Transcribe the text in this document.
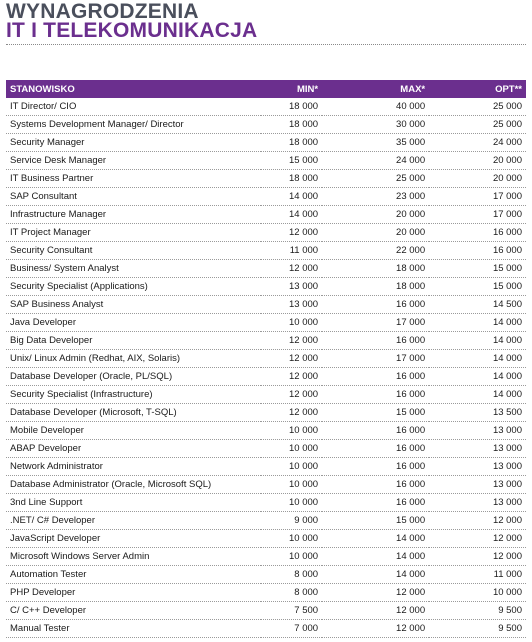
WYNAGRODZENIA
IT I TELEKOMUNIKACJA
STANOWISKO	MIN*	MAX*	OPT**
IT Director/ CIO	18 000	40 000	25 000
Systems Development Manager/ Director	18 000	30 000	25 000
Security Manager	18 000	35 000	24 000
Service Desk Manager	15 000	24 000	20 000
IT Business Partner	18 000	25 000	20 000
SAP Consultant	14 000	23 000	17 000
Infrastructure Manager	14 000	20 000	17 000
IT Project Manager	12 000	20 000	16 000
Security Consultant	11 000	22 000	16 000
Business/ System Analyst	12 000	18 000	15 000
Security Specialist (Applications)	13 000	18 000	15 000
SAP Business Analyst	13 000	16 000	14 500
Java Developer	10 000	17 000	14 000
Big Data Developer	12 000	16 000	14 000
Unix/ Linux Admin (Redhat, AIX, Solaris)	12 000	17 000	14 000
Database Developer (Oracle, PL/SQL)	12 000	16 000	14 000
Security Specialist (Infrastructure)	12 000	16 000	14 000
Database Developer (Microsoft, T-SQL)	12 000	15 000	13 500
Mobile Developer	10 000	16 000	13 000
ABAP Developer	10 000	16 000	13 000
Network Administrator	10 000	16 000	13 000
Database Administrator (Oracle, Microsoft SQL)	10 000	16 000	13 000
3nd Line Support	10 000	16 000	13 000
.NET/ C# Developer	9 000	15 000	12 000
JavaScript Developer	10 000	14 000	12 000
Microsoft Windows Server Admin	10 000	14 000	12 000
Automation Tester	8 000	14 000	11 000
PHP Developer	8 000	12 000	10 000
C/ C++ Developer	7 500	12 000	9 500
Manual Tester	7 000	12 000	9 500
